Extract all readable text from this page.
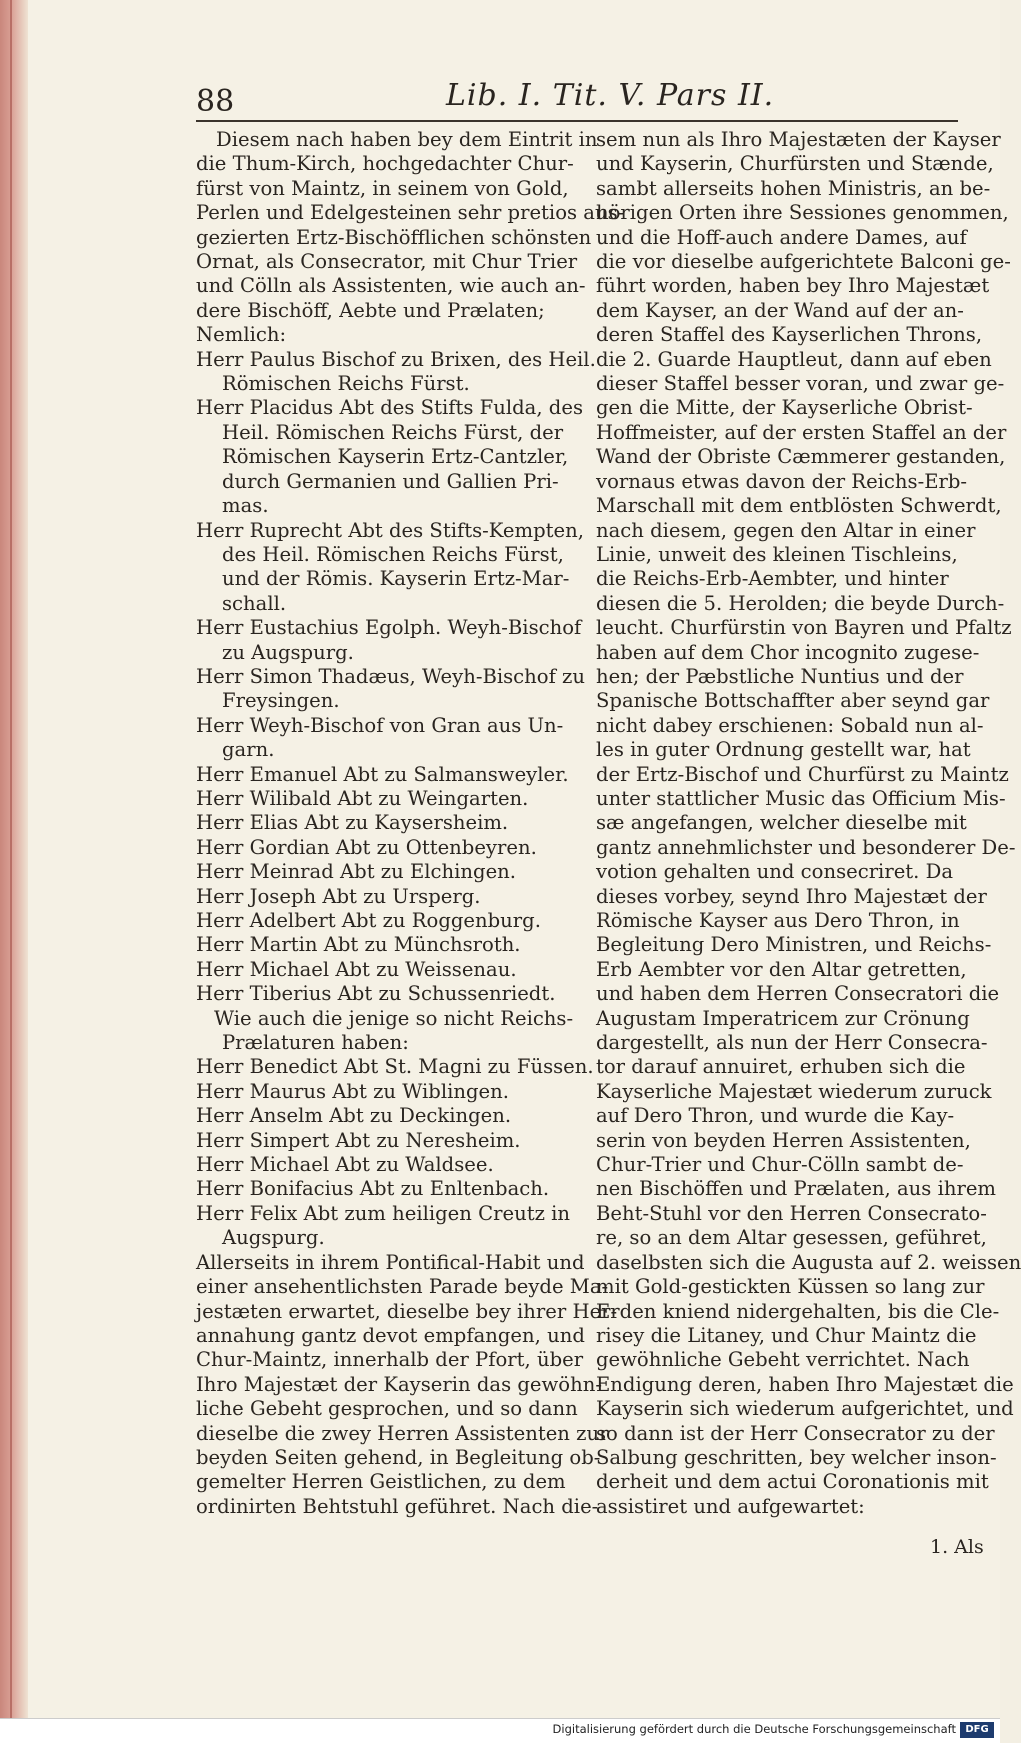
88	Lib. I. Tit. V. Pars II.
Diesem nach haben bey dem Eintrit in
die Thum-Kirch, hochgedachter Chur-
fürst von Maintz, in seinem von Gold,
Perlen und Edelgesteinen sehr pretios aus-
gezierten Ertz-Bischöfflichen schönsten
Ornat, als Consecrator, mit Chur Trier
und Cölln als Assistenten, wie auch an-
dere Bischöff, Aebte und Prælaten;
Nemlich:
Herr Paulus Bischof zu Brixen, des Heil.
Römischen Reichs Fürst.
Herr Placidus Abt des Stifts Fulda, des
Heil. Römischen Reichs Fürst, der
Römischen Kayserin Ertz-Cantzler,
durch Germanien und Gallien Pri-
mas.
Herr Ruprecht Abt des Stifts-Kempten,
des Heil. Römischen Reichs Fürst,
und der Römis. Kayserin Ertz-Mar-
schall.
Herr Eustachius Egolph. Weyh-Bischof
zu Augspurg.
Herr Simon Thadæus, Weyh-Bischof zu
Freysingen.
Herr Weyh-Bischof von Gran aus Un-
garn.
Herr Emanuel Abt zu Salmansweyler.
Herr Wilibald Abt zu Weingarten.
Herr Elias Abt zu Kaysersheim.
Herr Gordian Abt zu Ottenbeyren.
Herr Meinrad Abt zu Elchingen.
Herr Joseph Abt zu Ursperg.
Herr Adelbert Abt zu Roggenburg.
Herr Martin Abt zu Münchsroth.
Herr Michael Abt zu Weissenau.
Herr Tiberius Abt zu Schussenriedt.
Wie auch die jenige so nicht Reichs-
Prælaturen haben:
Herr Benedict Abt St. Magni zu Füssen.
Herr Maurus Abt zu Wiblingen.
Herr Anselm Abt zu Deckingen.
Herr Simpert Abt zu Neresheim.
Herr Michael Abt zu Waldsee.
Herr Bonifacius Abt zu Enltenbach.
Herr Felix Abt zum heiligen Creutz in
Augspurg.
Allerseits in ihrem Pontifical-Habit und
einer ansehentlichsten Parade beyde Ma-
jestæten erwartet, dieselbe bey ihrer Her-
annahung gantz devot empfangen, und
Chur-Maintz, innerhalb der Pfort, über
Ihro Majestæt der Kayserin das gewöhn-
liche Gebeht gesprochen, und so dann
dieselbe die zwey Herren Assistenten zur
beyden Seiten gehend, in Begleitung ob-
gemelter Herren Geistlichen, zu dem
ordinirten Behtstuhl geführet. Nach die-
sem nun als Ihro Majestæten der Kayser
und Kayserin, Churfürsten und Stænde,
sambt allerseits hohen Ministris, an be-
hörigen Orten ihre Sessiones genommen,
und die Hoff-auch andere Dames, auf
die vor dieselbe aufgerichtete Balconi ge-
führt worden, haben bey Ihro Majestæt
dem Kayser, an der Wand auf der an-
deren Staffel des Kayserlichen Throns,
die 2. Guarde Hauptleut, dann auf eben
dieser Staffel besser voran, und zwar ge-
gen die Mitte, der Kayserliche Obrist-
Hoffmeister, auf der ersten Staffel an der
Wand der Obriste Cæmmerer gestanden,
vornaus etwas davon der Reichs-Erb-
Marschall mit dem entblösten Schwerdt,
nach diesem, gegen den Altar in einer
Linie, unweit des kleinen Tischleins,
die Reichs-Erb-Aembter, und hinter
diesen die 5. Herolden; die beyde Durch-
leucht. Churfürstin von Bayren und Pfaltz
haben auf dem Chor incognito zugese-
hen; der Pæbstliche Nuntius und der
Spanische Bottschaffter aber seynd gar
nicht dabey erschienen: Sobald nun al-
les in guter Ordnung gestellt war, hat
der Ertz-Bischof und Churfürst zu Maintz
unter stattlicher Music das Officium Mis-
sæ angefangen, welcher dieselbe mit
gantz annehmlichster und besonderer De-
votion gehalten und consecriret. Da
dieses vorbey, seynd Ihro Majestæt der
Römische Kayser aus Dero Thron, in
Begleitung Dero Ministren, und Reichs-
Erb Aembter vor den Altar getretten,
und haben dem Herren Consecratori die
Augustam Imperatricem zur Crönung
dargestellt, als nun der Herr Consecra-
tor darauf annuiret, erhuben sich die
Kayserliche Majestæt wiederum zuruck
auf Dero Thron, und wurde die Kay-
serin von beyden Herren Assistenten,
Chur-Trier und Chur-Cölln sambt de-
nen Bischöffen und Prælaten, aus ihrem
Beht-Stuhl vor den Herren Consecrato-
re, so an dem Altar gesessen, geführet,
daselbsten sich die Augusta auf 2. weissen
mit Gold-gestickten Küssen so lang zur
Erden kniend nidergehalten, bis die Cle-
risey die Litaney, und Chur Maintz die
gewöhnliche Gebeht verrichtet. Nach
Endigung deren, haben Ihro Majestæt die
Kayserin sich wiederum aufgerichtet, und
so dann ist der Herr Consecrator zu der
Salbung geschritten, bey welcher inson-
derheit und dem actui Coronationis mit
assistiret und aufgewartet:
1. Als
Digitalisierung gefördert durch die Deutsche Forschungsgemeinschaft DFG
